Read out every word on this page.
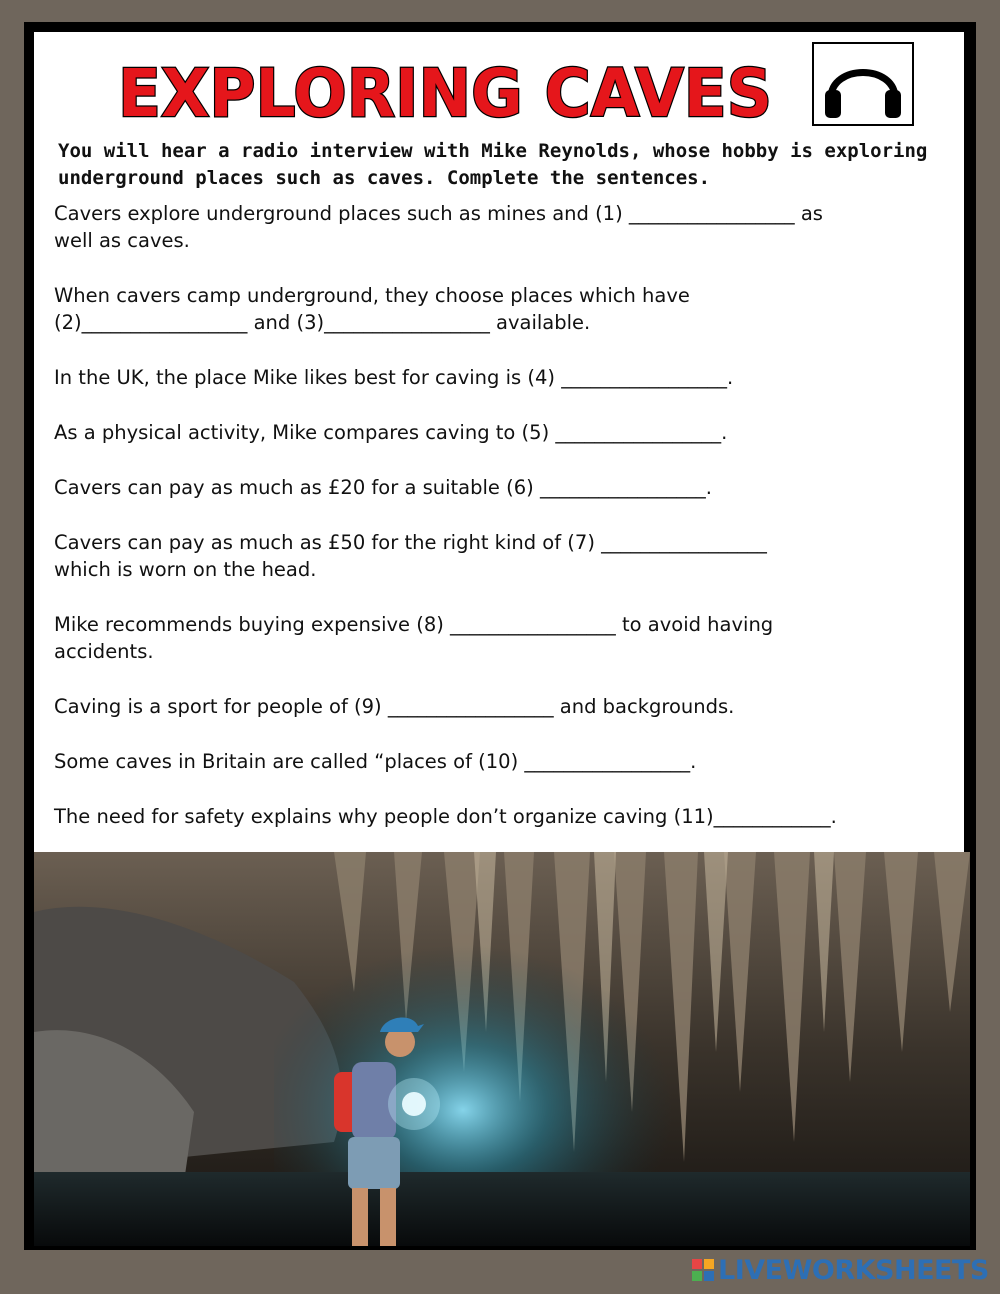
EXPLORING CAVES
You will hear a radio interview with Mike Reynolds, whose hobby is exploring underground places such as caves. Complete the sentences.
Cavers explore underground places such as mines and (1) _________________ as
well as caves.
When cavers camp underground, they choose places which have
(2)_________________ and (3)_________________ available.
In the UK, the place Mike likes best for caving is (4) _________________.
As a physical activity, Mike compares caving to (5) _________________.
Cavers can pay as much as £20 for a suitable (6) _________________.
Cavers can pay as much as £50 for the right kind of (7) _________________
which is worn on the head.
Mike recommends buying expensive (8) _________________ to avoid having
accidents.
Caving is a sport for people of (9) _________________ and backgrounds.
Some caves in Britain are called “places of (10) _________________.
The need for safety explains why people don’t organize caving (11)____________.
LIVEWORKSHEETS
